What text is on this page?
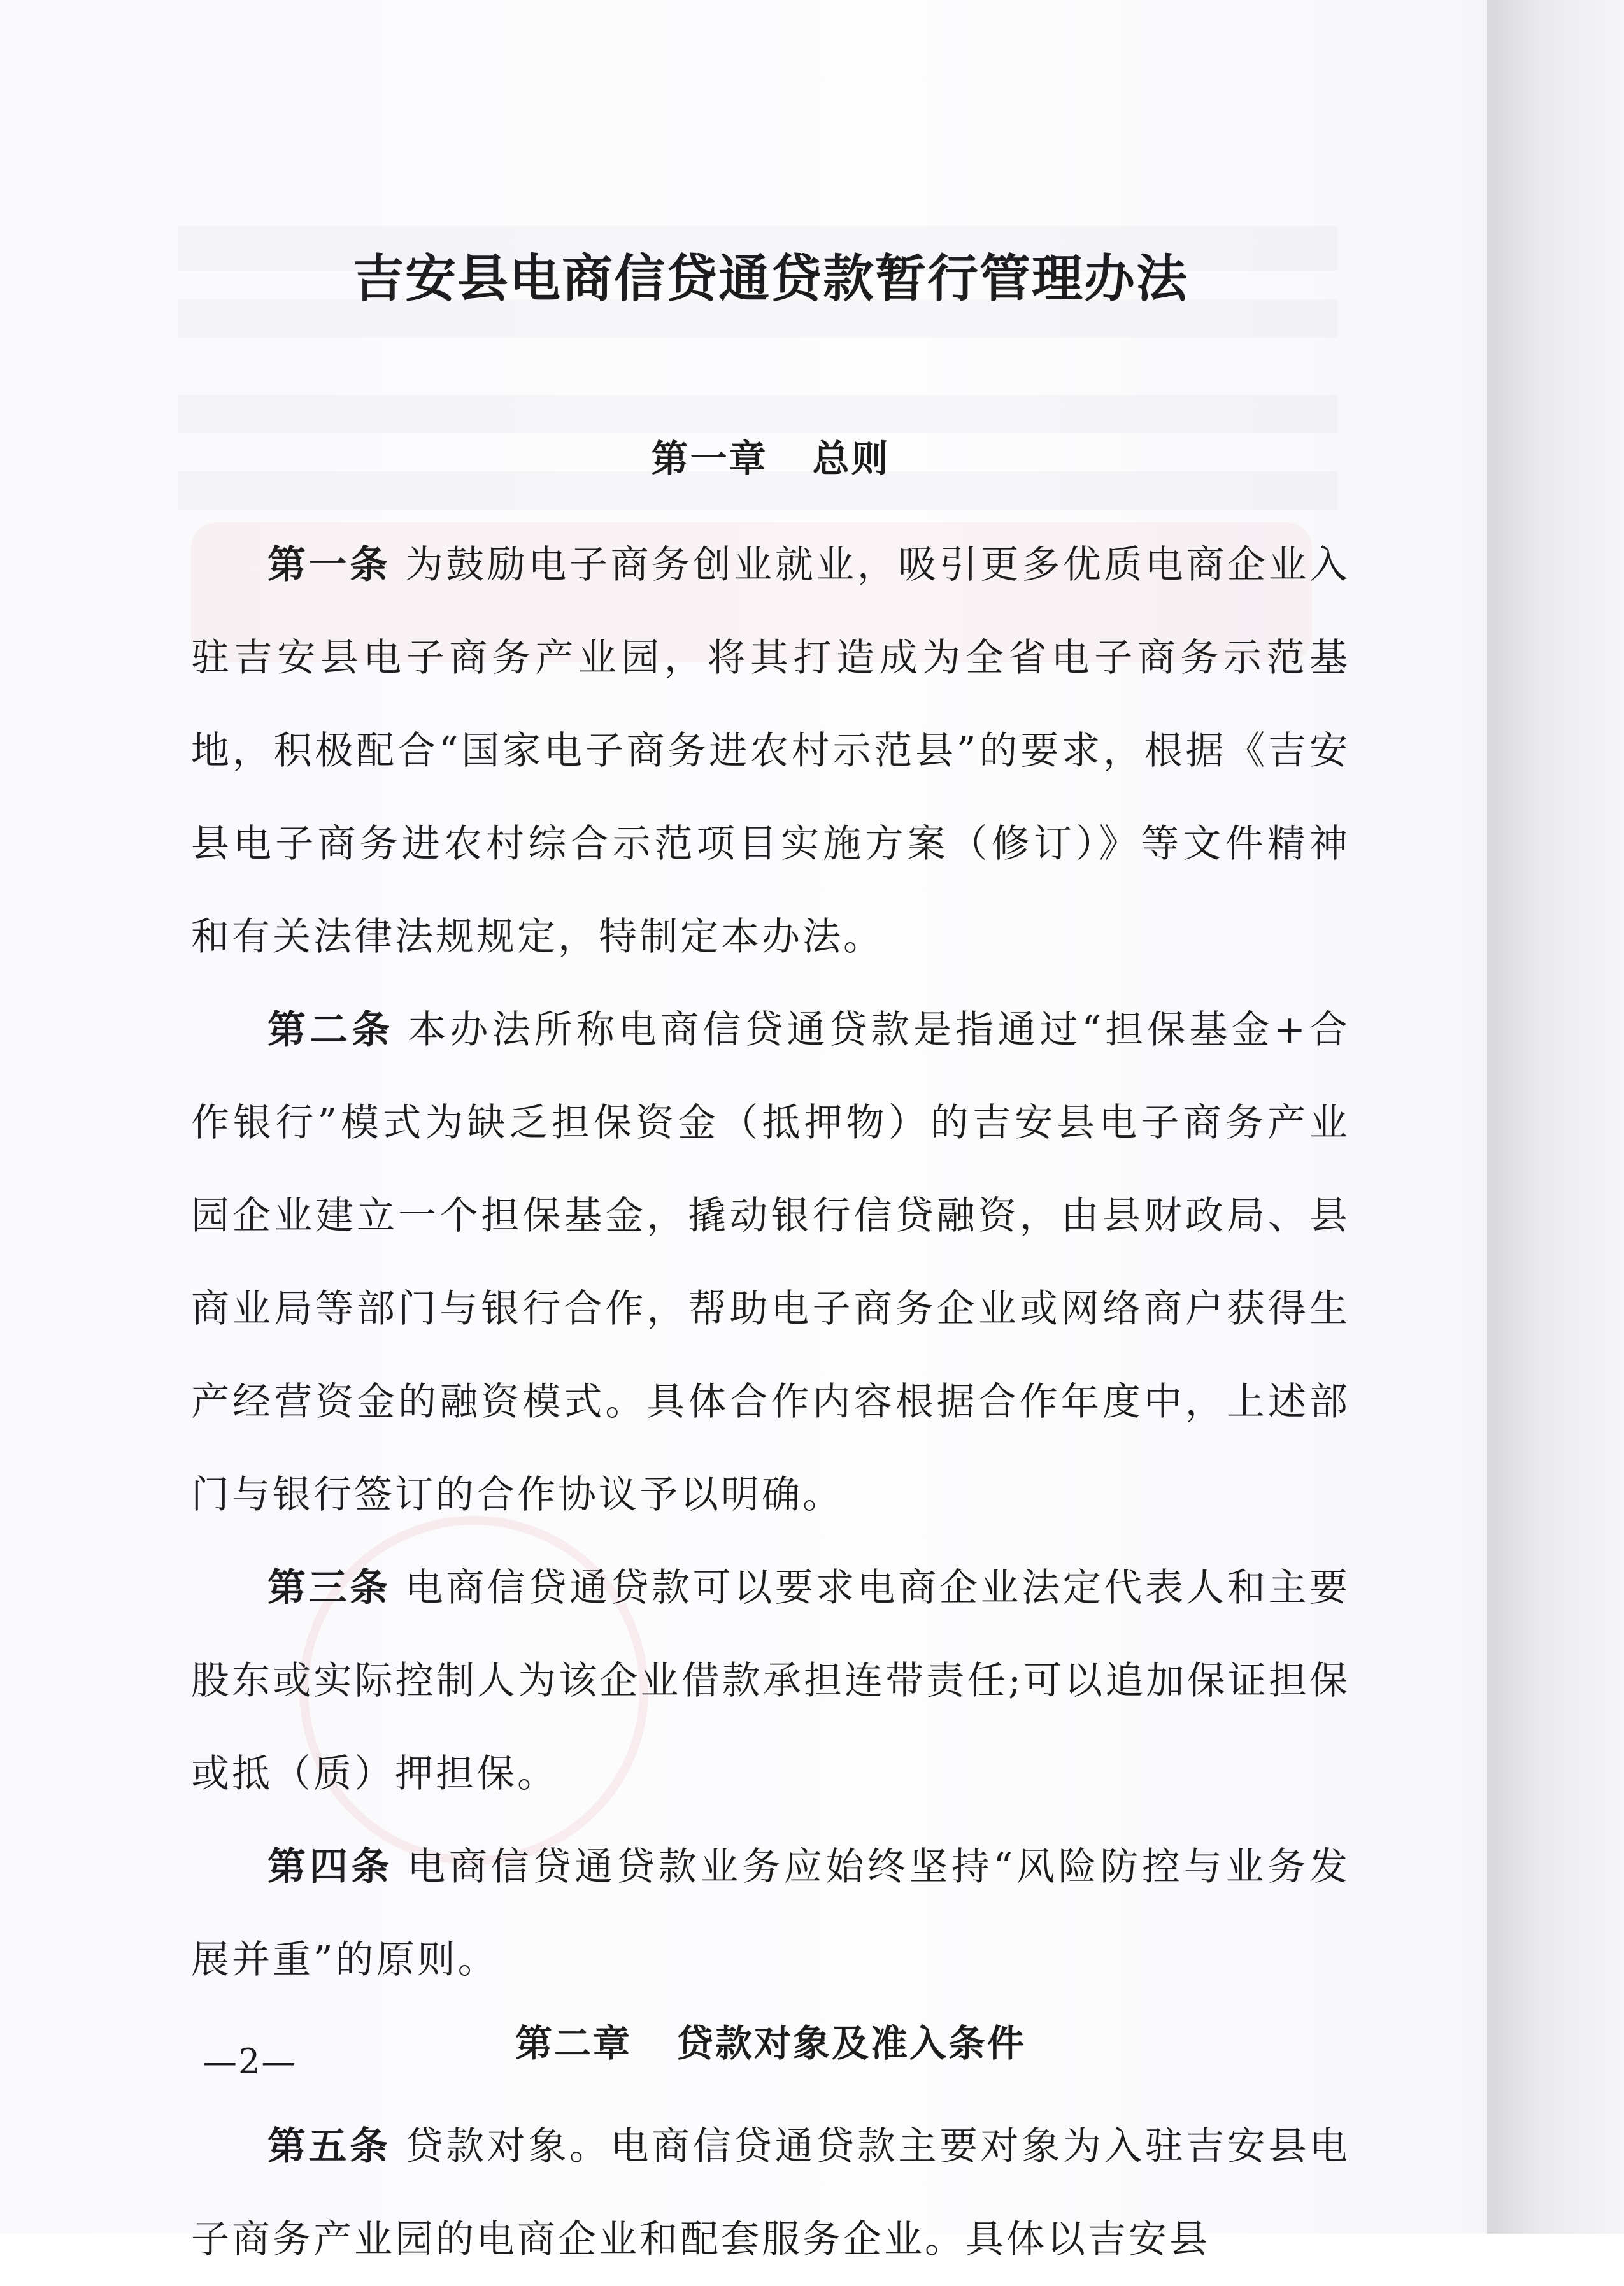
吉安县电商信贷通贷款暂行管理办法
第一章 总则

第一条 为鼓励电子商务创业就业，吸引更多优质电商企业入驻吉安县电子商务产业园，将其打造成为全省电子商务示范基地，积极配合“国家电子商务进农村示范县”的要求，根据《吉安县电子商务进农村综合示范项目实施方案（修订）》等文件精神和有关法律法规规定，特制定本办法。

第二条 本办法所称电商信贷通贷款是指通过“担保基金+合作银行”模式为缺乏担保资金（抵押物）的吉安县电子商务产业园企业建立一个担保基金，撬动银行信贷融资，由县财政局、县商业局等部门与银行合作，帮助电子商务企业或网络商户获得生产经营资金的融资模式。具体合作内容根据合作年度中，上述部门与银行签订的合作协议予以明确。

第三条 电商信贷通贷款可以要求电商企业法定代表人和主要股东或实际控制人为该企业借款承担连带责任;可以追加保证担保或抵（质）押担保。

第四条 电商信贷通贷款业务应始终坚持“风险防控与业务发展并重”的原则。

第二章 贷款对象及准入条件

第五条 贷款对象。电商信贷通贷款主要对象为入驻吉安县电子商务产业园的电商企业和配套服务企业。具体以吉安县

—2—
